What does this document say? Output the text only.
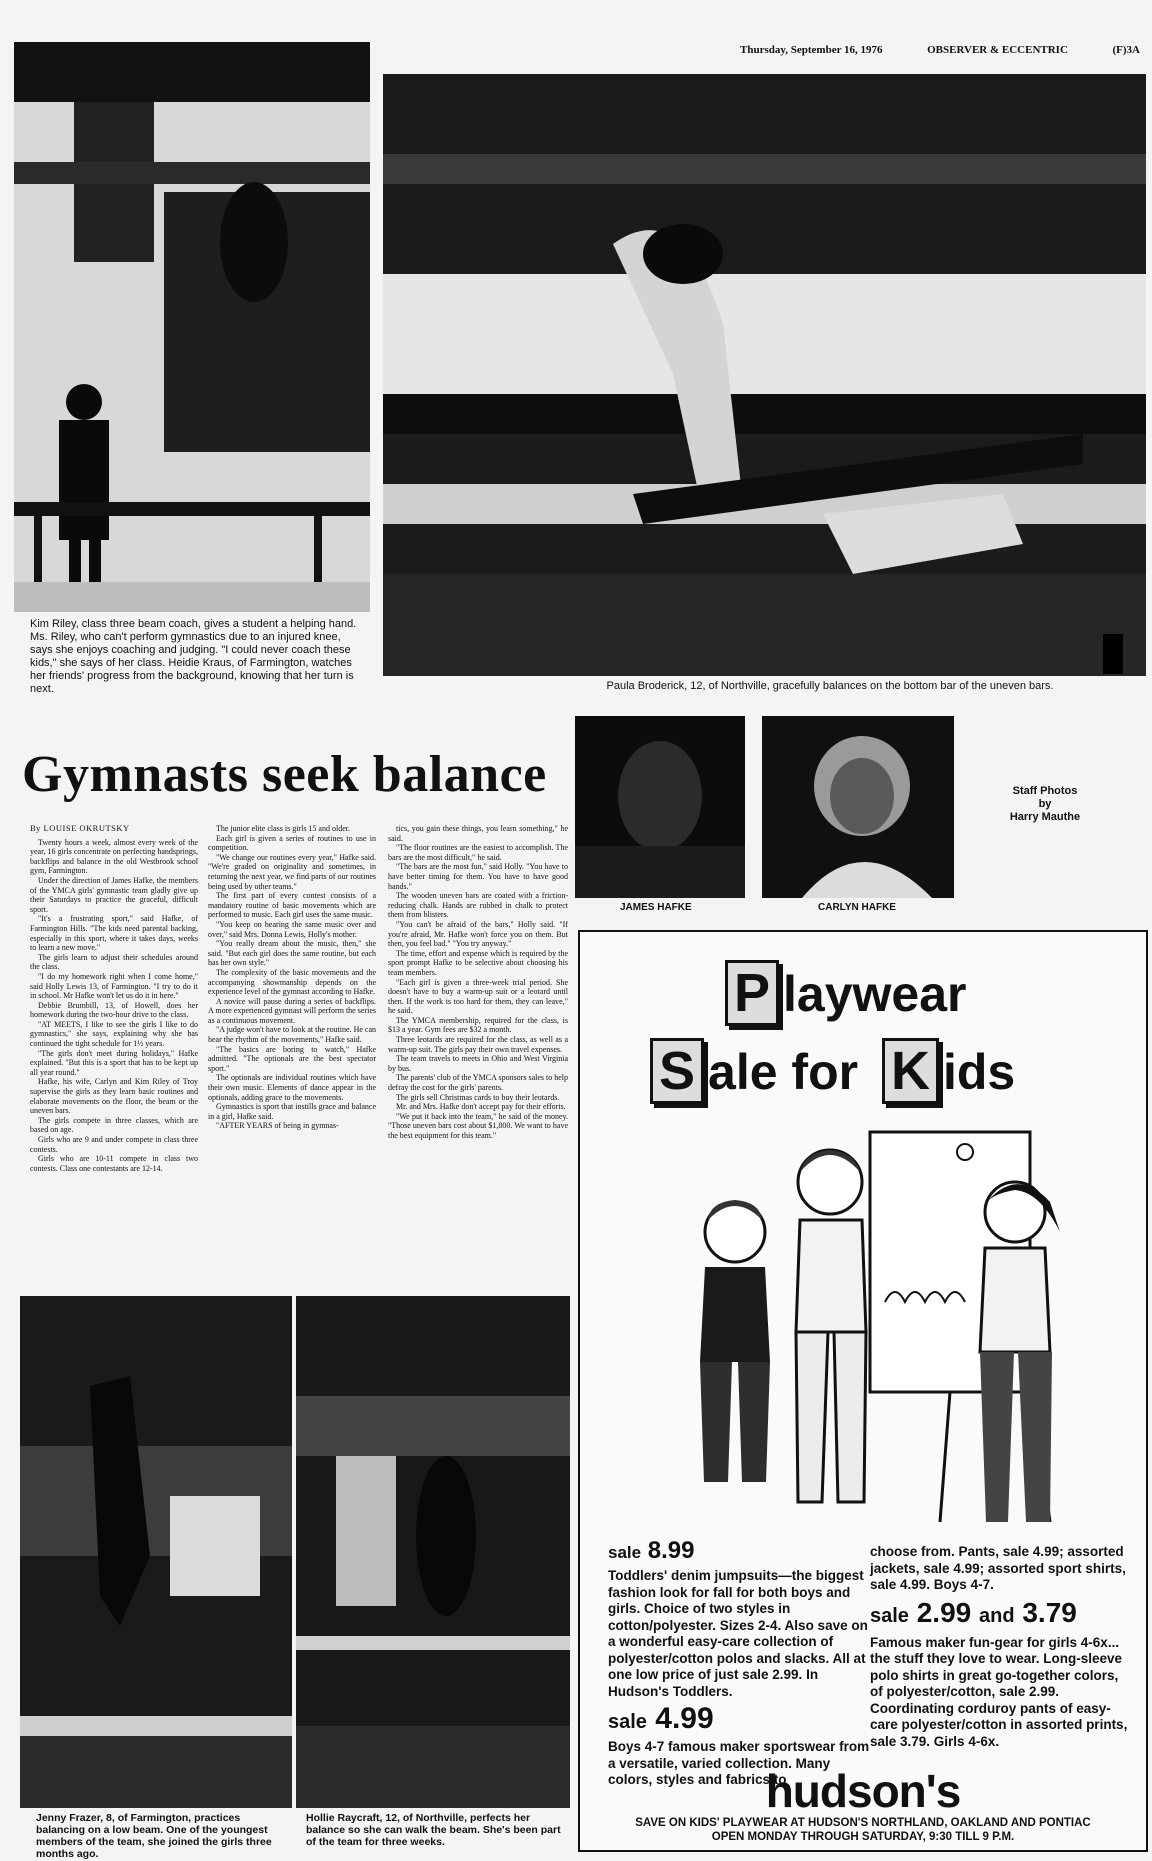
Thursday, September 16, 1976	OBSERVER & ECCENTRIC	(F)3A
Kim Riley, class three beam coach, gives a student a helping hand. Ms. Riley, who can't perform gymnastics due to an injured knee, says she enjoys coaching and judging. "I could never coach these kids," she says of her class. Heidie Kraus, of Farmington, watches her friends' progress from the background, knowing that her turn is next.	Paula Broderick, 12, of Northville, gracefully balances on the bottom bar of the uneven bars.
Gymnasts seek balance
JAMES HAFKE	CARLYN HAFKE
Staff Photos
by
Harry Mauthe
By LOUISE OKRUTSKY

Twenty hours a week, almost every week of the year, 16 girls concentrate on perfecting handsprings, backflips and balance in the old Westbrook school gym, Farmington.

Under the direction of James Hafke, the members of the YMCA girls' gymnastic team gladly give up their Saturdays to practice the graceful, difficult sport.

"It's a frustrating sport," said Hafke, of Farmington Hills. "The kids need parental backing, especially in this sport, where it takes days, weeks to learn a new move."

The girls learn to adjust their schedules around the class.

"I do my homework right when I come home," said Holly Lewis 13, of Farmington. "I try to do it in school. Mr Hafke won't let us do it in here."

Debbie Brumbill, 13, of Howell, does her homework during the two-hour drive to the class.

"AT MEETS, I like to see the girls I like to do gymnastics," she says, explaining why she has continued the tight schedule for 1½ years.

"The girls don't meet during holidays," Hafke explained. "But this is a sport that has to be kept up all year round."

Hafke, his wife, Carlyn and Kim Riley of Troy supervise the girls as they learn basic routines and elaborate movements on the floor, the beam or the uneven bars.

The girls compete in three classes, which are based on age.

Girls who are 9 and under compete in class three contests.

Girls who are 10-11 compete in class two contests. Class one contestants are 12-14.

The junior elite class is girls 15 and older.

Each girl is given a series of routines to use in competition.

"We change our routines every year," Hafke said. "We're graded on originality and sometimes, in returning the next year, we find parts of our routines being used by other teams."

The first part of every contest consists of a mandatory routine of basic movements which are performed to music. Each girl uses the same music.

"You keep on hearing the same music over and over," said Mrs. Donna Lewis, Holly's mother.

"You really dream about the music, then," she said. "But each girl does the same routine, but each has her own style."

The complexity of the basic movements and the accompanying showmanship depends on the experience level of the gymnast according to Hafke.

A novice will pause during a series of backflips. A more experienced gymnast will perform the series as a continuous movement.

"A judge won't have to look at the routine. He can hear the rhythm of the movements," Hafke said.

"The basics are boring to watch," Hafke admitted. "The optionals are the best spectator sport."

The optionals are individual routines which have their own music. Elements of dance appear in the optionals, adding grace to the movements.

Gymnastics is sport that instills grace and balance in a girl, Hafke said.

"AFTER YEARS of being in gymnas-

tics, you gain these things, you learn something," he said.

"The floor routines are the easiest to accomplish. The bars are the most difficult," he said.

"The bars are the most fun," said Holly. "You have to have better timing for them. You have to have good hands."

The wooden uneven bars are coated with a friction-reducing chalk. Hands are rubbed in chalk to protect them from blisters.

"You can't be afraid of the bars," Holly said. "If you're afraid, Mr. Hafke won't force you on them. But then, you feel bad." "You try anyway."

The time, effort and expense which is required by the sport prompt Hafke to be selective about choosing his team members.

"Each girl is given a three-week trial period. She doesn't have to buy a warm-up suit or a leotard until then. If the work is too hard for them, they can leave," he said.

The YMCA membership, required for the class, is $13 a year. Gym fees are $32 a month.

Three leotards are required for the class, as well as a warm-up suit. The girls pay their own travel expenses.

The team travels to meets in Ohio and West Virginia by bus.

The parents' club of the YMCA sponsors sales to help defray the cost for the girls' parents.

The girls sell Christmas cards to buy their leotards.

Mr. and Mrs. Hafke don't accept pay for their efforts.

"We put it back into the team," he said of the money. "Those uneven bars cost about $1,800. We want to have the best equipment for this team."

Jenny Frazer, 8, of Farmington, practices balancing on a low beam. One of the youngest members of the team, she joined the girls three months ago.
Hollie Raycraft, 12, of Northville, perfects her balance so she can walk the beam. She's been part of the team for three weeks.
P laywear
S ale for K ids
sale 8.99
Toddlers' denim jumpsuits—the biggest fashion look for fall for both boys and girls. Choice of two styles in cotton/polyester. Sizes 2-4. Also save on a wonderful easy-care collection of polyester/cotton polos and slacks. All at one low price of just sale 2.99. In Hudson's Toddlers.
sale 4.99
Boys 4-7 famous maker sportswear from a versatile, varied collection. Many colors, styles and fabrics to
choose from. Pants, sale 4.99; assorted jackets, sale 4.99; assorted sport shirts, sale 4.99. Boys 4-7.
sale 2.99 and 3.79
Famous maker fun-gear for girls 4-6x... the stuff they love to wear. Long-sleeve polo shirts in great go-together colors, of polyester/cotton, sale 2.99. Coordinating corduroy pants of easy-care polyester/cotton in assorted prints, sale 3.79. Girls 4-6x.
hudson's
SAVE ON KIDS' PLAYWEAR AT HUDSON'S NORTHLAND, OAKLAND AND PONTIAC
OPEN MONDAY THROUGH SATURDAY, 9:30 TILL 9 P.M.
